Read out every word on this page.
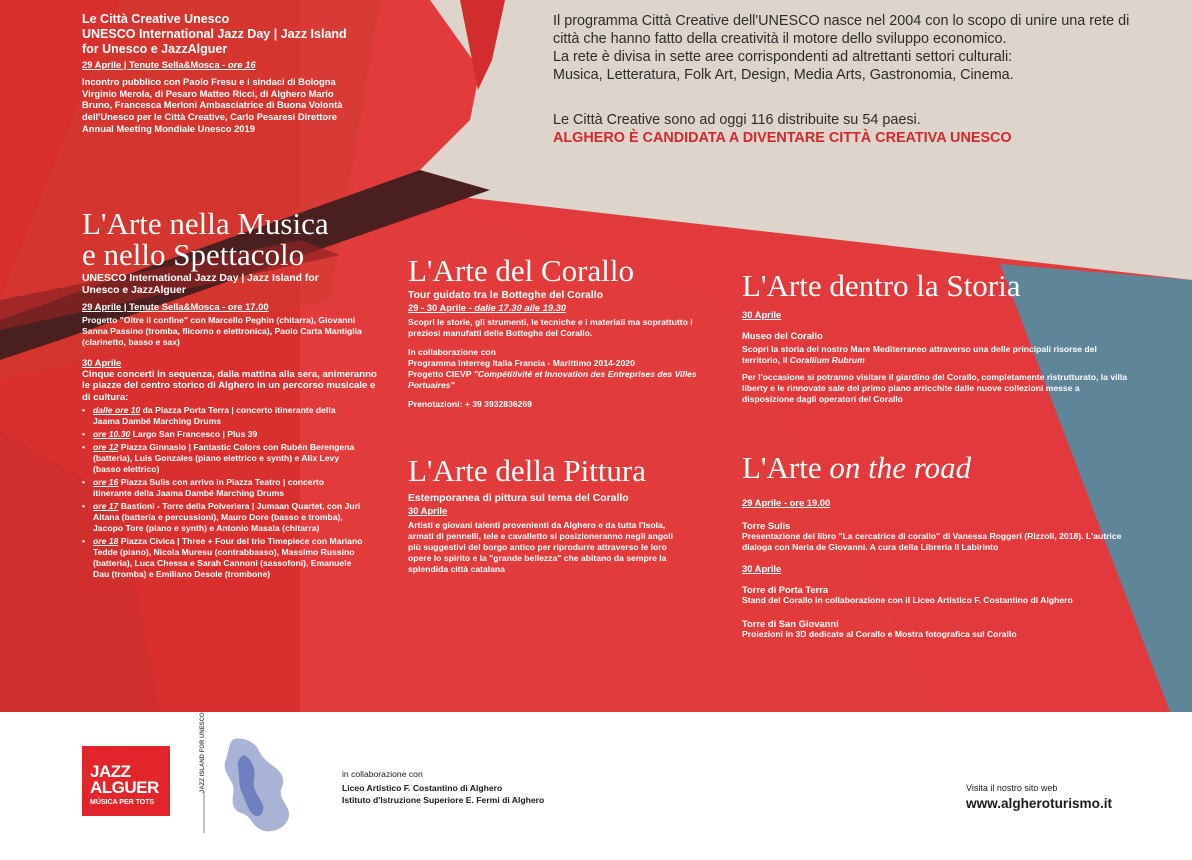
Le Città Creative Unesco

UNESCO International Jazz Day | Jazz Island for Unesco e JazzAlguer

29 Aprile | Tenute Sella&Mosca - ore 16

Incontro pubblico con Paolo Fresu e i sindaci di Bologna Virginio Merola, di Pesaro Matteo Ricci, di Alghero Mario Bruno, Francesca Merloni Ambasciatrice di Buona Volontà dell'Unesco per le Città Creative, Carlo Pesaresi Direttore Annual Meeting Mondiale Unesco 2019

Il programma Città Creative dell'UNESCO nasce nel 2004 con lo scopo di unire una rete di città che hanno fatto della creatività il motore dello sviluppo economico.

La rete è divisa in sette aree corrispondenti ad altrettanti settori culturali:

Musica, Letteratura, Folk Art, Design, Media Arts, Gastronomia, Cinema.

Le Città Creative sono ad oggi 116 distribuite su 54 paesi.

ALGHERO È CANDIDATA A DIVENTARE CITTÀ CREATIVA UNESCO

L'Arte nella Musica

e nello Spettacolo

UNESCO International Jazz Day | Jazz Island for Unesco e JazzAlguer

29 Aprile | Tenute Sella&Mosca - ore 17.00

Progetto "Oltre il confine" con Marcello Peghin (chitarra), Giovanni Sanna Passino (tromba, flicorno e elettronica), Paolo Carta Mantiglia (clarinetto, basso e sax)

30 Aprile

Cinque concerti in sequenza, dalla mattina alla sera, animeranno le piazze del centro storico di Alghero in un percorso musicale e di cultura:

• dalle ore 10 da Piazza Porta Terra | concerto itinerante della Jaama Dambé Marching Drums
• ore 10.30 Largo San Francesco | Plus 39
• ore 12 Piazza Ginnasio | Fantastic Colors con Rubén Berengena (batteria), Luis Gonzales (piano elettrico e synth) e Alix Levy (basso elettrico)
• ore 16 Piazza Sulis con arrivo in Piazza Teatro | concerto itinerante della Jaama Dambé Marching Drums
• ore 17 Bastioni - Torre della Polveriera | Jumaan Quartet, con Juri Altana (batteria e percussioni), Mauro Dore (basso e tromba), Jacopo Tore (piano e synth) e Antonio Masala (chitarra)
• ore 18 Piazza Civica | Three + Four del trio Timepiece con Mariano Tedde (piano), Nicola Muresu (contrabbasso), Massimo Russino (batteria), Luca Chessa e Sarah Cannoni (sassofoni), Emanuele Dau (tromba) e Emiliano Desole (trombone)

L'Arte del Corallo

Tour guidato tra le Botteghe del Corallo

29 - 30 Aprile - dalle 17.30 alle 19.30

Scopri le storie, gli strumenti, le tecniche e i materiali ma soprattutto i preziosi manufatti delle Botteghe del Corallo.

In collaborazione con

Programma Interreg Italia Francia - Marittimo 2014-2020

Progetto CIEVP "Compétitivité et Innovation des Entreprises des Villes Portuaires"

Prenotazioni: + 39 3932836269

L'Arte della Pittura

Estemporanea di pittura sul tema del Corallo

30 Aprile

Artisti e giovani talenti provenienti da Alghero e da tutta l'Isola, armati di pennelli, tele e cavalletto si posizioneranno negli angoli più suggestivi del borgo antico per riprodurre attraverso le loro opere lo spirito e la "grande bellezza" che abitano da sempre la splendida città catalana

L'Arte dentro la Storia

30 Aprile

Museo del Corallo

Scopri la storia del nostro Mare Mediterraneo attraverso una delle principali risorse del territorio, il Corallium Rubrum

Per l'occasione si potranno visitare il giardino del Corallo, completamente ristrutturato, la villa liberty e le rinnovate sale del primo piano arricchite dalle nuove collezioni messe a disposizione dagli operatori del Corallo

L'Arte on the road

29 Aprile - ore 19.00

Torre Sulis

Presentazione del libro "La cercatrice di corallo" di Vanessa Roggeri (Rizzoli, 2018). L'autrice dialoga con Neria de Giovanni. A cura della Libreria Il Labirinto

30 Aprile

Torre di Porta Terra

Stand del Corallo in collaborazione con il Liceo Artistico F. Costantino di Alghero

Torre di San Giovanni

Proiezioni in 3D dedicate al Corallo e Mostra fotografica sul Corallo

JAZZ
ALGUER
MÚSICA PER TOTS
JAZZ ISLAND FOR UNESCO	in collaborazione con

Liceo Artistico F. Costantino di Alghero

Istituto d'Istruzione Superiore E. Fermi di Alghero

Visita il nostro sito web
www.algheroturismo.it
